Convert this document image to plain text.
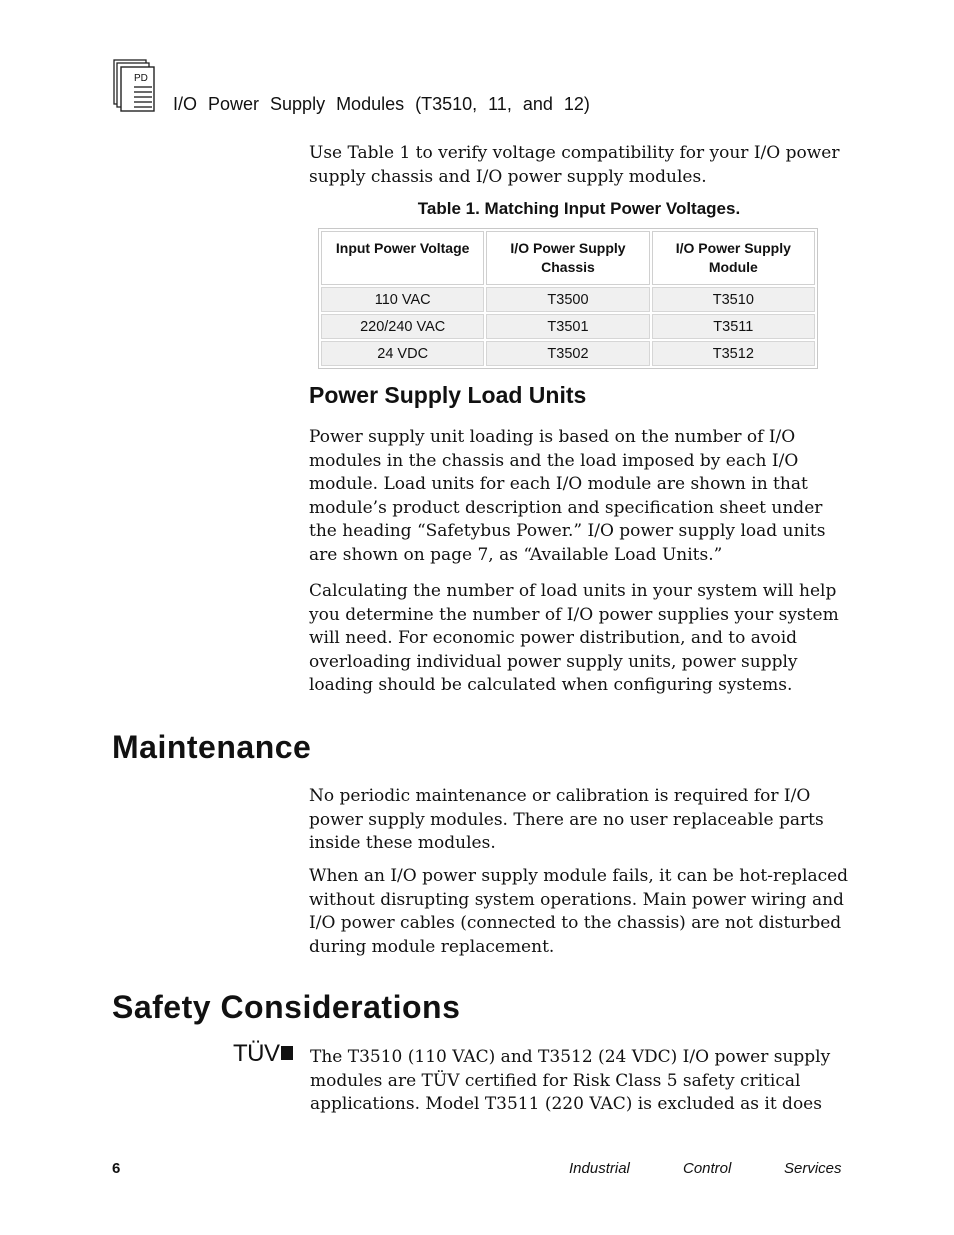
PD
I/O Power Supply Modules (T3510, 11, and 12)
Use Table 1 to verify voltage compatibility for your I/O power supply chassis and I/O power supply modules.
Table 1. Matching Input Power Voltages.
Input Power Voltage	I/O Power Supply Chassis	I/O Power Supply Module
110 VAC	T3500	T3510
220/240 VAC	T3501	T3511
24 VDC	T3502	T3512
Power Supply Load Units
Power supply unit loading is based on the number of I/O modules in the chassis and the load imposed by each I/O module. Load units for each I/O module are shown in that module’s product description and specification sheet under the heading “Safetybus Power.” I/O power supply load units are shown on page 7, as “Available Load Units.”
Calculating the number of load units in your system will help you determine the number of I/O power supplies your system will need. For economic power distribution, and to avoid overloading individual power supply units, power supply loading should be calculated when configuring systems.
Maintenance
No periodic maintenance or calibration is required for I/O power supply modules. There are no user replaceable parts inside these modules.
When an I/O power supply module fails, it can be hot-replaced without disrupting system operations. Main power wiring and I/O power cables (connected to the chassis) are not disturbed during module replacement.
Safety Considerations
TÜV	The T3510 (110 VAC) and T3512 (24 VDC) I/O power supply modules are TÜV certified for Risk Class 5 safety critical applications. Model T3511 (220 VAC) is excluded as it does
6	Industrial	Control	Services
